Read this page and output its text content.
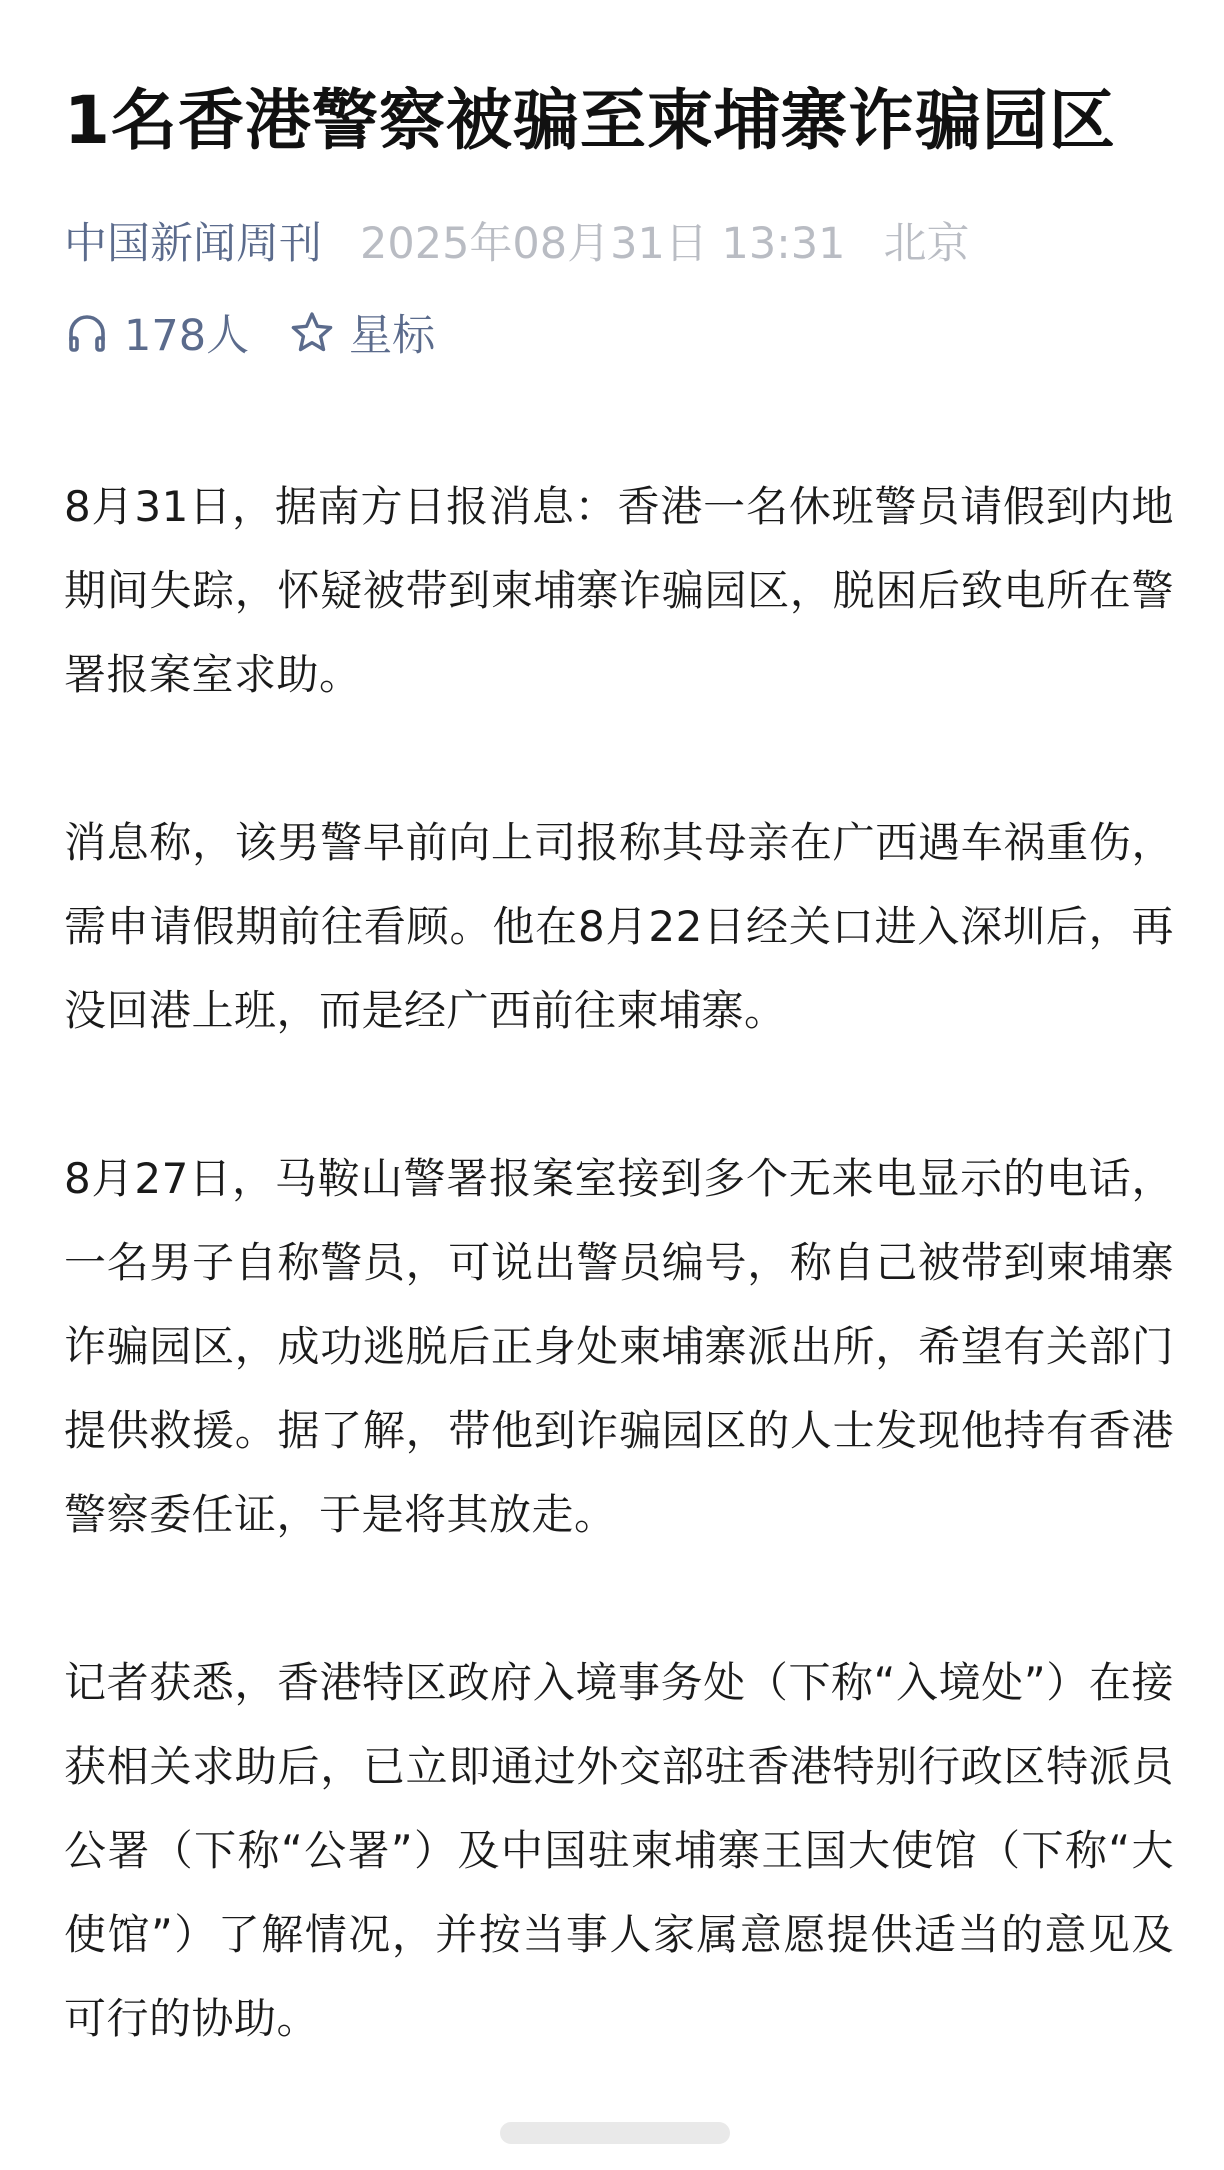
1名香港警察被骗至柬埔寨诈骗园区
中国新闻周刊 2025年08月31日 13:31 北京
178人 星标

8月31日，据南方日报消息：香港一名休班警员请假到内地期间失踪，怀疑被带到柬埔寨诈骗园区，脱困后致电所在警署报案室求助。

消息称，该男警早前向上司报称其母亲在广西遇车祸重伤，需申请假期前往看顾。他在8月22日经关口进入深圳后，再没回港上班，而是经广西前往柬埔寨。

8月27日，马鞍山警署报案室接到多个无来电显示的电话，一名男子自称警员，可说出警员编号，称自己被带到柬埔寨诈骗园区，成功逃脱后正身处柬埔寨派出所，希望有关部门提供救援。据了解，带他到诈骗园区的人士发现他持有香港警察委任证，于是将其放走。

记者获悉，香港特区政府入境事务处（下称“入境处”）在接获相关求助后，已立即通过外交部驻香港特别行政区特派员公署（下称“公署”）及中国驻柬埔寨王国大使馆（下称“大使馆”）了解情况，并按当事人家属意愿提供适当的意见及可行的协助。
